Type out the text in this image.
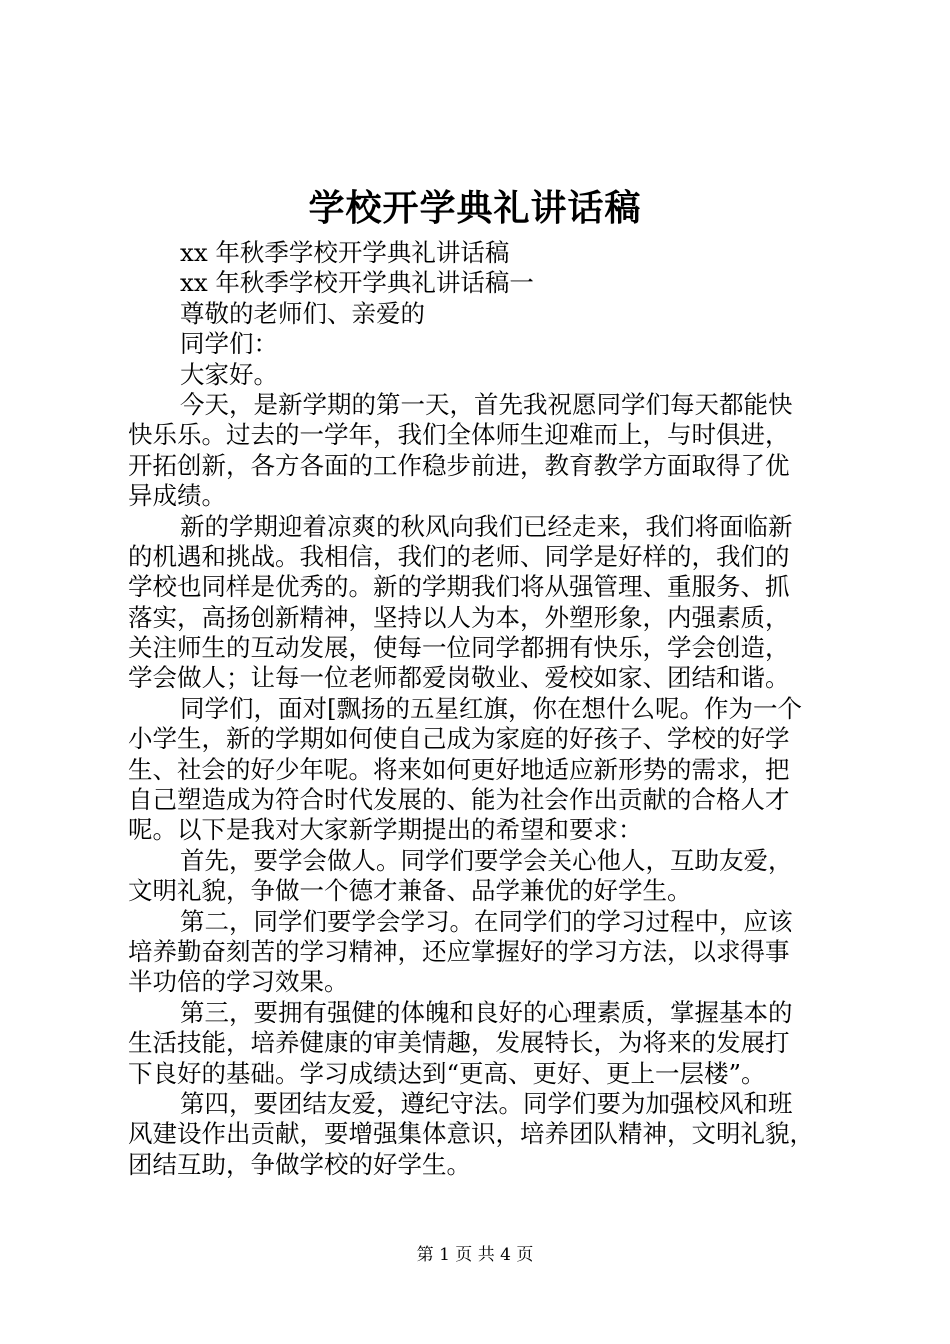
学校开学典礼讲话稿

xx 年秋季学校开学典礼讲话稿

xx 年秋季学校开学典礼讲话稿一

尊敬的老师们、亲爱的

同学们：

大家好。

今天，是新学期的第一天，首先我祝愿同学们每天都能快

快乐乐。过去的一学年，我们全体师生迎难而上，与时俱进，

开拓创新，各方各面的工作稳步前进，教育教学方面取得了优

异成绩。

新的学期迎着凉爽的秋风向我们已经走来，我们将面临新

的机遇和挑战。我相信，我们的老师、同学是好样的，我们的

学校也同样是优秀的。新的学期我们将从强管理、重服务、抓

落实，高扬创新精神，坚持以人为本，外塑形象，内强素质，

关注师生的互动发展，使每一位同学都拥有快乐，学会创造，

学会做人；让每一位老师都爱岗敬业、爱校如家、团结和谐。

同学们，面对[飘扬的五星红旗，你在想什么呢。作为一个

小学生，新的学期如何使自己成为家庭的好孩子、学校的好学

生、社会的好少年呢。将来如何更好地适应新形势的需求，把

自己塑造成为符合时代发展的、能为社会作出贡献的合格人才

呢。以下是我对大家新学期提出的希望和要求：

首先，要学会做人。同学们要学会关心他人，互助友爱，

文明礼貌，争做一个德才兼备、品学兼优的好学生。

第二，同学们要学会学习。在同学们的学习过程中，应该

培养勤奋刻苦的学习精神，还应掌握好的学习方法，以求得事

半功倍的学习效果。

第三，要拥有强健的体魄和良好的心理素质，掌握基本的

生活技能，培养健康的审美情趣，发展特长，为将来的发展打

下良好的基础。学习成绩达到“更高、更好、更上一层楼”。

第四，要团结友爱，遵纪守法。同学们要为加强校风和班

风建设作出贡献，要增强集体意识，培养团队精神，文明礼貌，

团结互助，争做学校的好学生。

第 1 页 共 4 页
